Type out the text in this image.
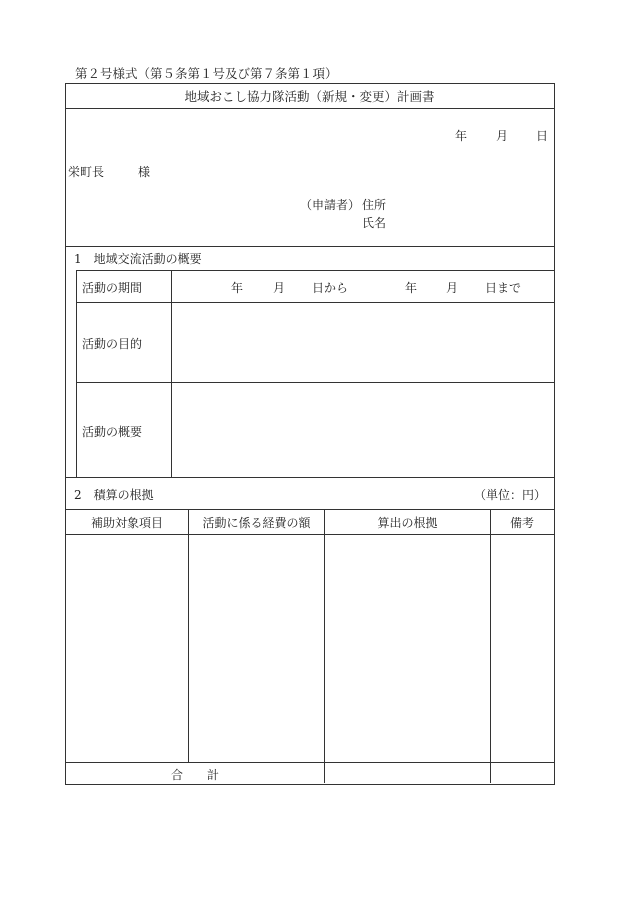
第２号様式（第５条第１号及び第７条第１項）
地域おこし協力隊活動（新規・変更）計画書
年 月 日
栄町長	様
（申請者） 住所
氏名
1　地域交流活動の概要
活動の期間	年 月 日から	年 月 日まで
活動の目的
活動の概要
2　積算の根拠	（単位：円）
補助対象項目	活動に係る経費の額	算出の根拠	備考
合　　計
